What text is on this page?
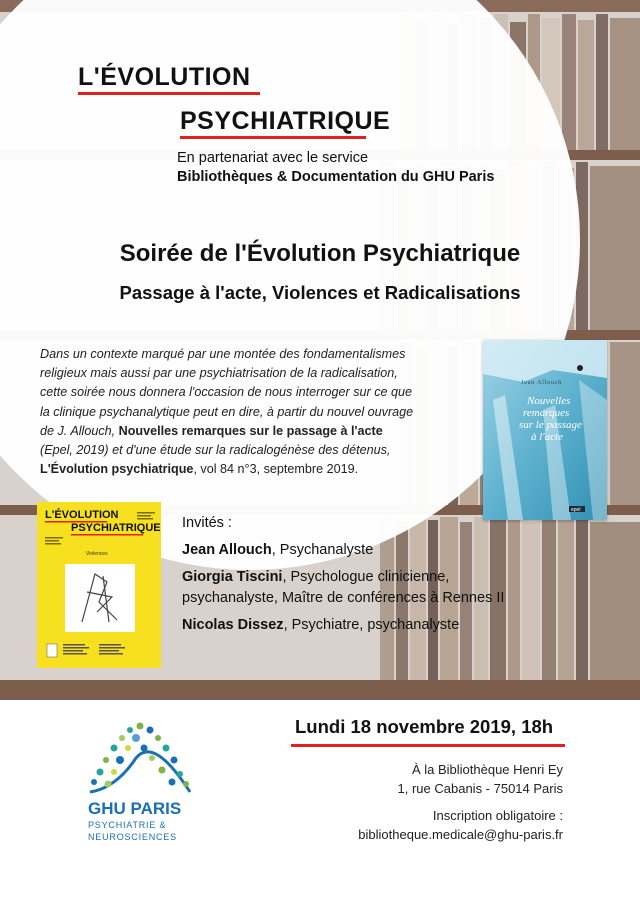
L'ÉVOLUTION
PSYCHIATRIQUE
En partenariat avec le service
Bibliothèques & Documentation du GHU Paris
Soirée de l'Évolution Psychiatrique
Passage à l'acte, Violences et Radicalisations
Dans un contexte marqué par une montée des fondamentalismes
religieux mais aussi par une psychiatrisation de la radicalisation,
cette soirée nous donnera l'occasion de nous interroger sur ce que
la clinique psychanalytique peut en dire, à partir du nouvel ouvrage
de J. Allouch, Nouvelles remarques sur le passage à l'acte
(Epel, 2019) et d'une étude sur la radicalogénèse des détenus,
L'Évolution psychiatrique, vol 84 n°3, septembre 2019.
Jean Allouch
Nouvelles
remarques
sur le passage
à l'acte
epel
L'ÉVOLUTION
PSYCHIATRIQUE
Violences
Invités :
Jean Allouch, Psychanalyste
Giorgia Tiscini, Psychologue clinicienne,
psychanalyste, Maître de conférences à Rennes II
Nicolas Dissez, Psychiatre, psychanalyste
GHU PARIS
PSYCHIATRIE &
NEUROSCIENCES
Lundi 18 novembre 2019, 18h
À la Bibliothèque Henri Ey
1, rue Cabanis - 75014 Paris
Inscription obligatoire :
bibliotheque.medicale@ghu-paris.fr
